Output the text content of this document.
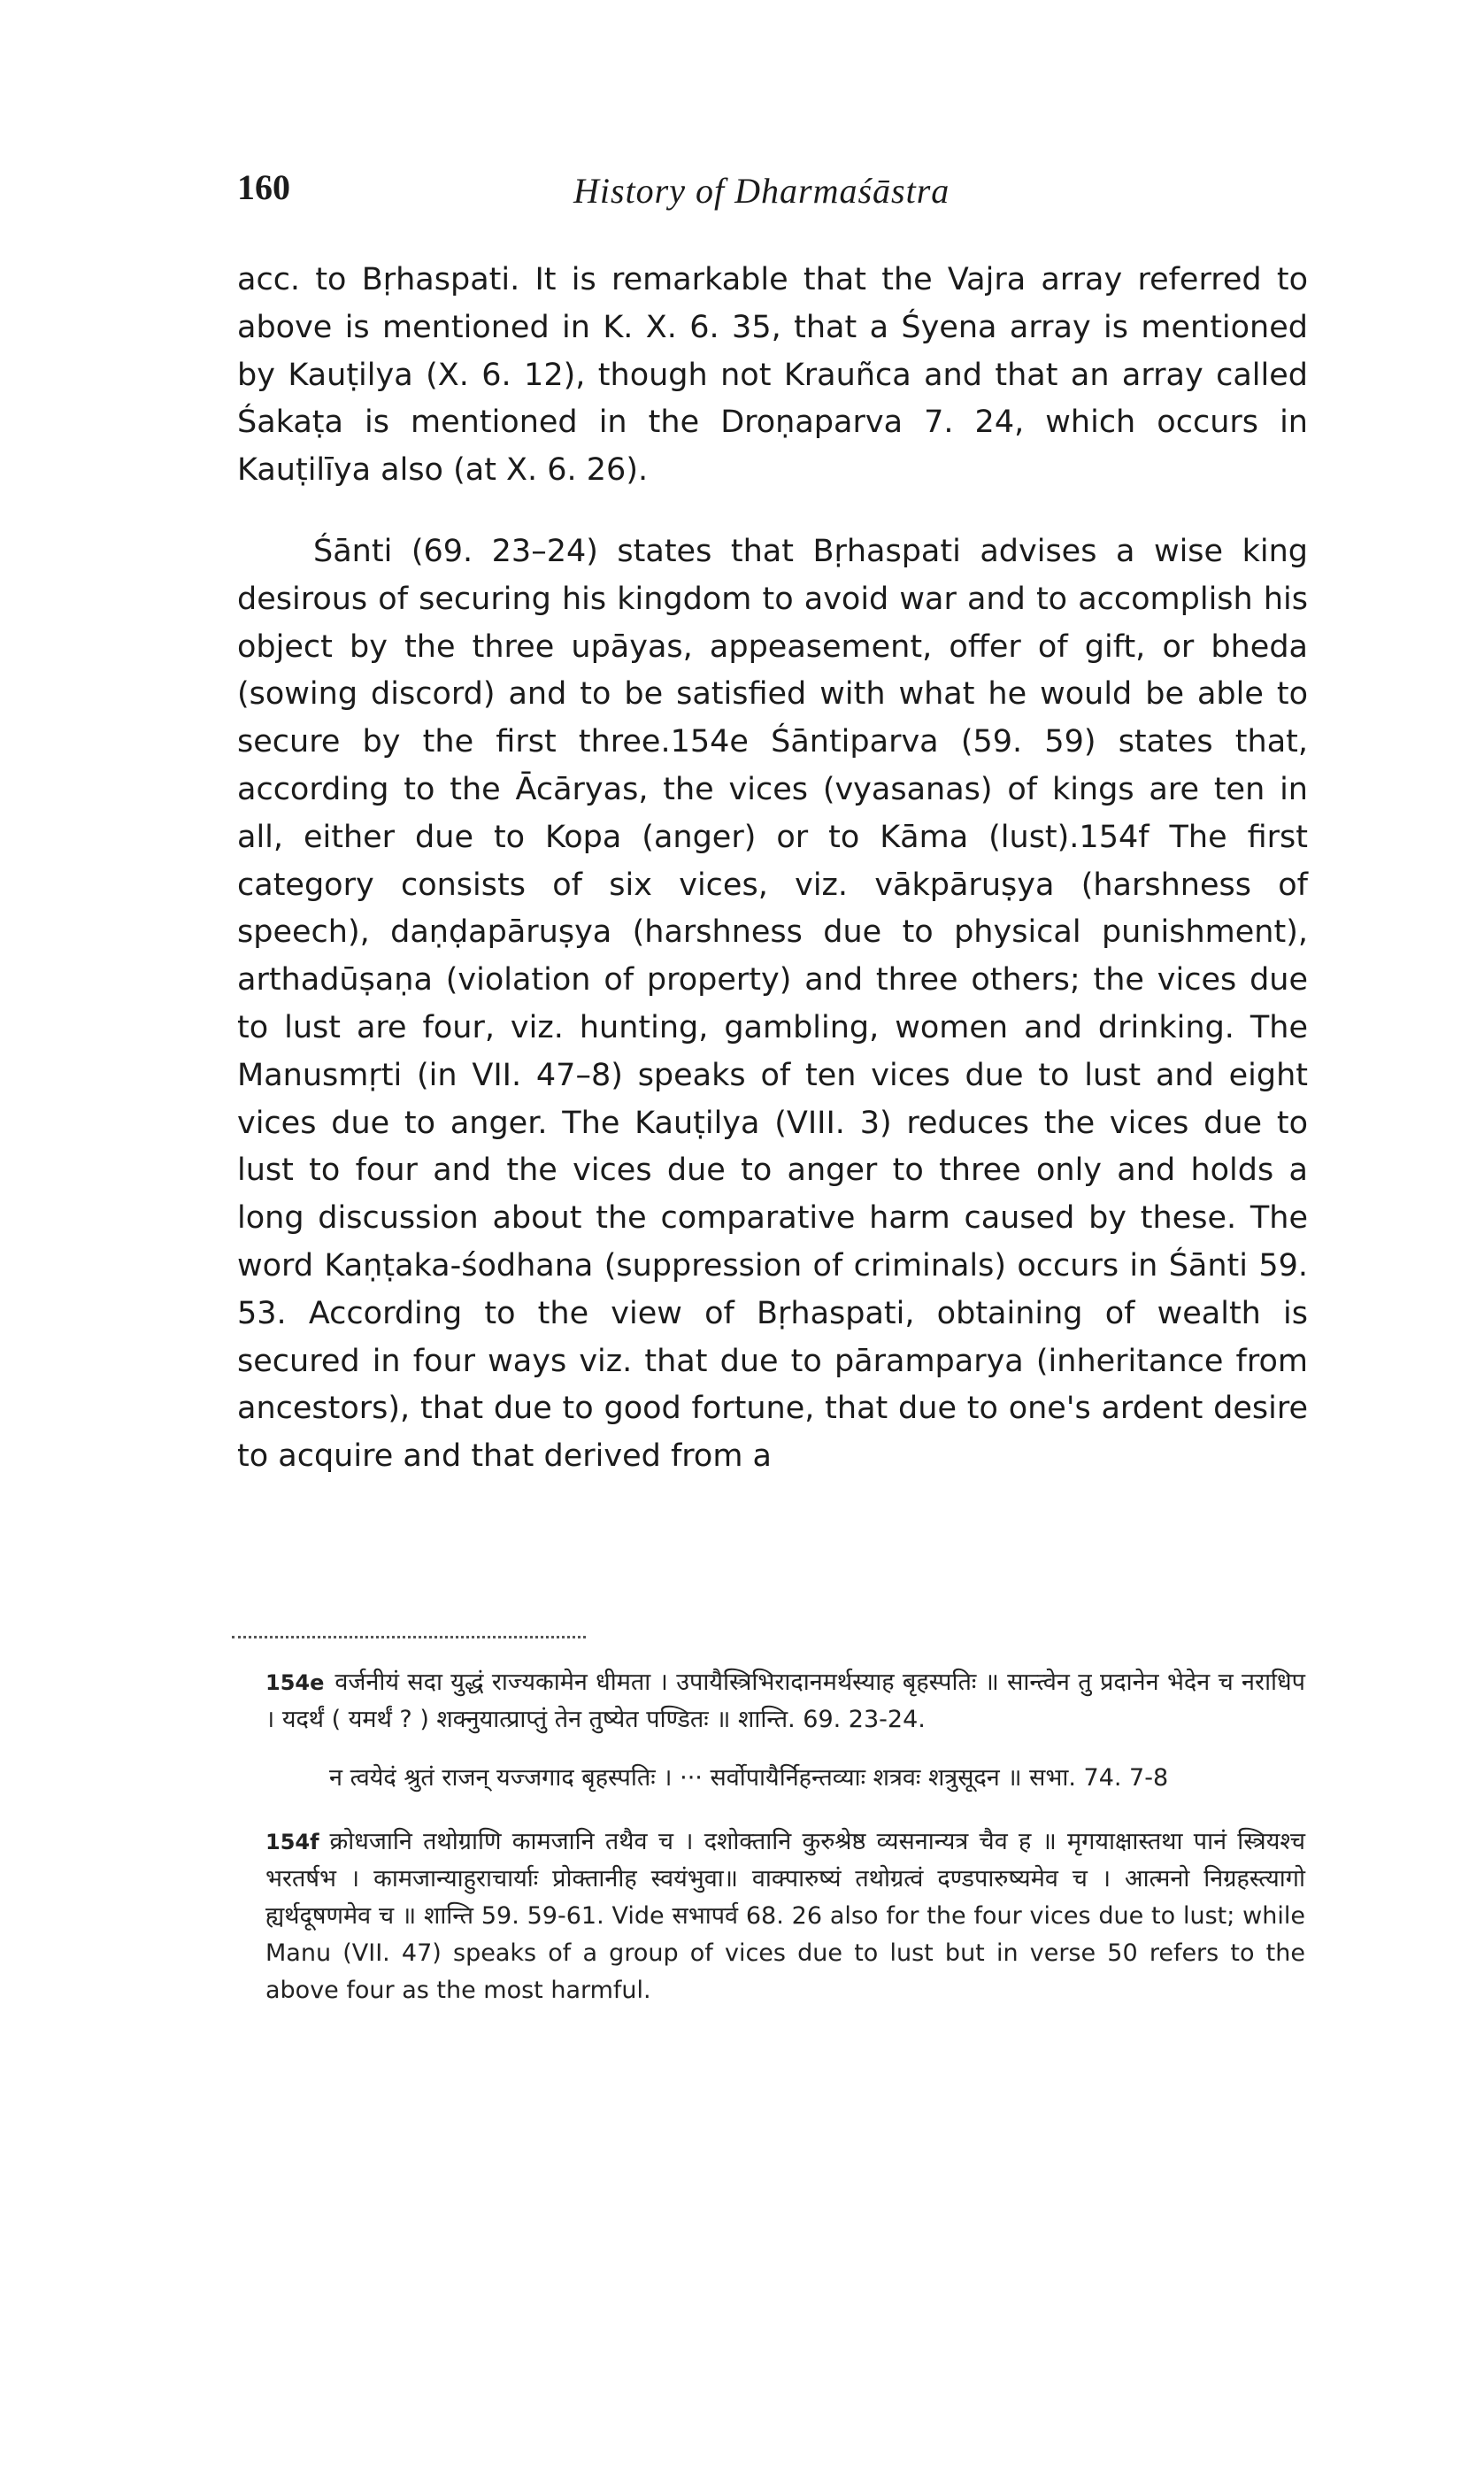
160	History of Dharmaśāstra

acc. to Bṛhaspati. It is remarkable that the Vajra array referred to above is mentioned in K. X. 6. 35, that a Śyena array is mentioned by Kauṭilya (X. 6. 12), though not Krauñca and that an array called Śakaṭa is mentioned in the Droṇaparva 7. 24, which occurs in Kauṭilīya also (at X. 6. 26).

Śānti (69. 23–24) states that Bṛhaspati advises a wise king desirous of securing his kingdom to avoid war and to accomplish his object by the three upāyas, appeasement, offer of gift, or bheda (sowing discord) and to be satisfied with what he would be able to secure by the first three.154e Śāntiparva (59. 59) states that, according to the Ācāryas, the vices (vyasanas) of kings are ten in all, either due to Kopa (anger) or to Kāma (lust).154f The first category consists of six vices, viz. vākpāruṣya (harshness of speech), daṇḍapāruṣya (harshness due to physical punishment), arthadūṣaṇa (violation of property) and three others; the vices due to lust are four, viz. hunting, gambling, women and drinking. The Manusmṛti (in VII. 47–8) speaks of ten vices due to lust and eight vices due to anger. The Kauṭilya (VIII. 3) reduces the vices due to lust to four and the vices due to anger to three only and holds a long discussion about the comparative harm caused by these. The word Kaṇṭaka-śodhana (suppression of criminals) occurs in Śānti 59. 53. According to the view of Bṛhaspati, obtaining of wealth is secured in four ways viz. that due to pāramparya (inheritance from ancestors), that due to good fortune, that due to one's ardent desire to acquire and that derived from a

154e वर्जनीयं सदा युद्धं राज्यकामेन धीमता । उपायैस्त्रिभिरादानमर्थस्याह बृहस्पतिः ॥ सान्त्वेन तु प्रदानेन भेदेन च नराधिप । यदर्थं ( यमर्थं ? ) शक्नुयात्प्राप्तुं तेन तुष्येत पण्डितः ॥ शान्ति. 69. 23-24.

न त्वयेदं श्रुतं राजन् यज्जगाद बृहस्पतिः । ··· सर्वोपायैर्निहन्तव्याः शत्रवः शत्रुसूदन ॥ सभा. 74. 7-8

154f क्रोधजानि तथोग्राणि कामजानि तथैव च । दशोक्तानि कुरुश्रेष्ठ व्यसनान्यत्र चैव ह ॥ मृगयाक्षास्तथा पानं स्त्रियश्च भरतर्षभ । कामजान्याहुराचार्याः प्रोक्तानीह स्वयंभुवा॥ वाक्पारुष्यं तथोग्रत्वं दण्डपारुष्यमेव च । आत्मनो निग्रहस्त्यागो ह्यर्थदूषणमेव च ॥ शान्ति 59. 59-61. Vide सभापर्व 68. 26 also for the four vices due to lust; while Manu (VII. 47) speaks of a group of vices due to lust but in verse 50 refers to the above four as the most harmful.
